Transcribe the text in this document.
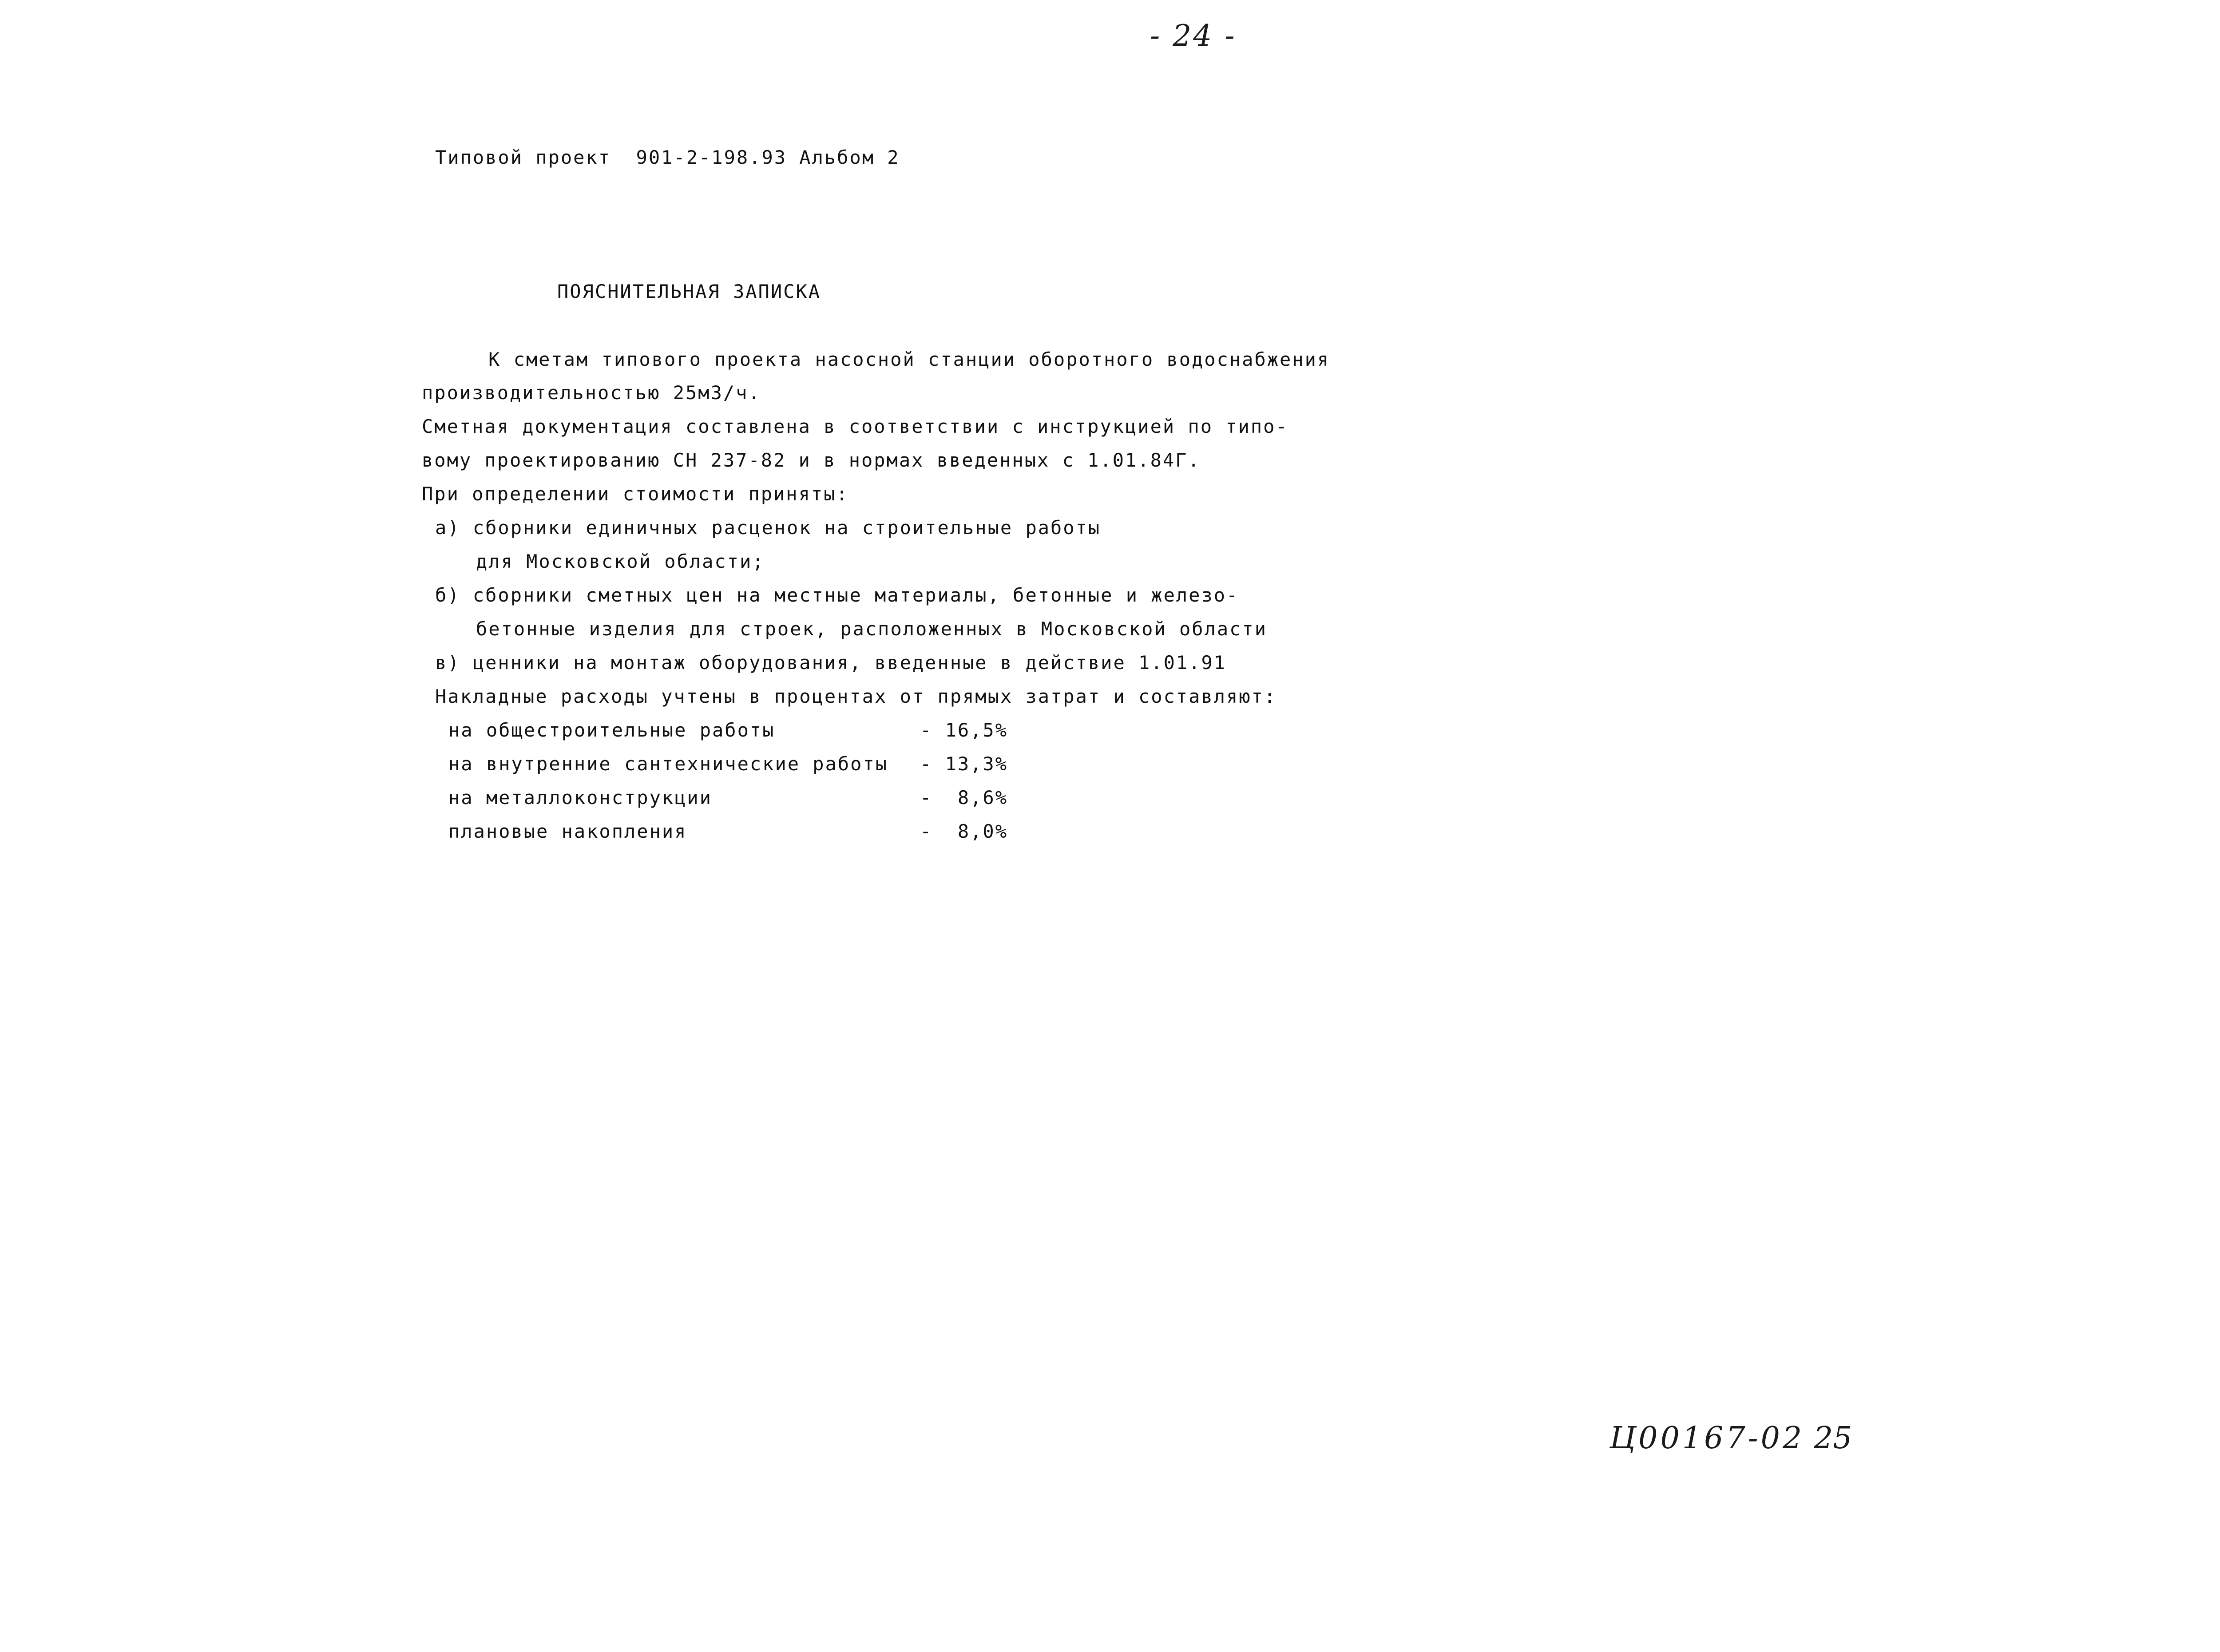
- 24 -
Типовой проект  901-2-198.93 Альбом 2
ПОЯСНИТЕЛЬНАЯ ЗАПИСКА
К сметам типового проекта насосной станции оборотного водоснабжения
производительностью 25м3/ч.
Сметная документация составлена в соответствии с инструкцией по типо-
вому проектированию СН 237-82 и в нормах введенных с 1.01.84Г.
При определении стоимости приняты:
а) сборники единичных расценок на строительные работы
для Московской области;
б) сборники сметных цен на местные материалы, бетонные и железо-
бетонные изделия для строек, расположенных в Московской области
в) ценники на монтаж оборудования, введенные в действие 1.01.91
Накладные расходы учтены в процентах от прямых затрат и составляют:
на общестроительные работы	- 16,5%
на внутренние сантехнические работы - 13,3%
на металлоконструкции	-  8,6%
плановые накопления	-  8,0%
Ц00167-02 25
